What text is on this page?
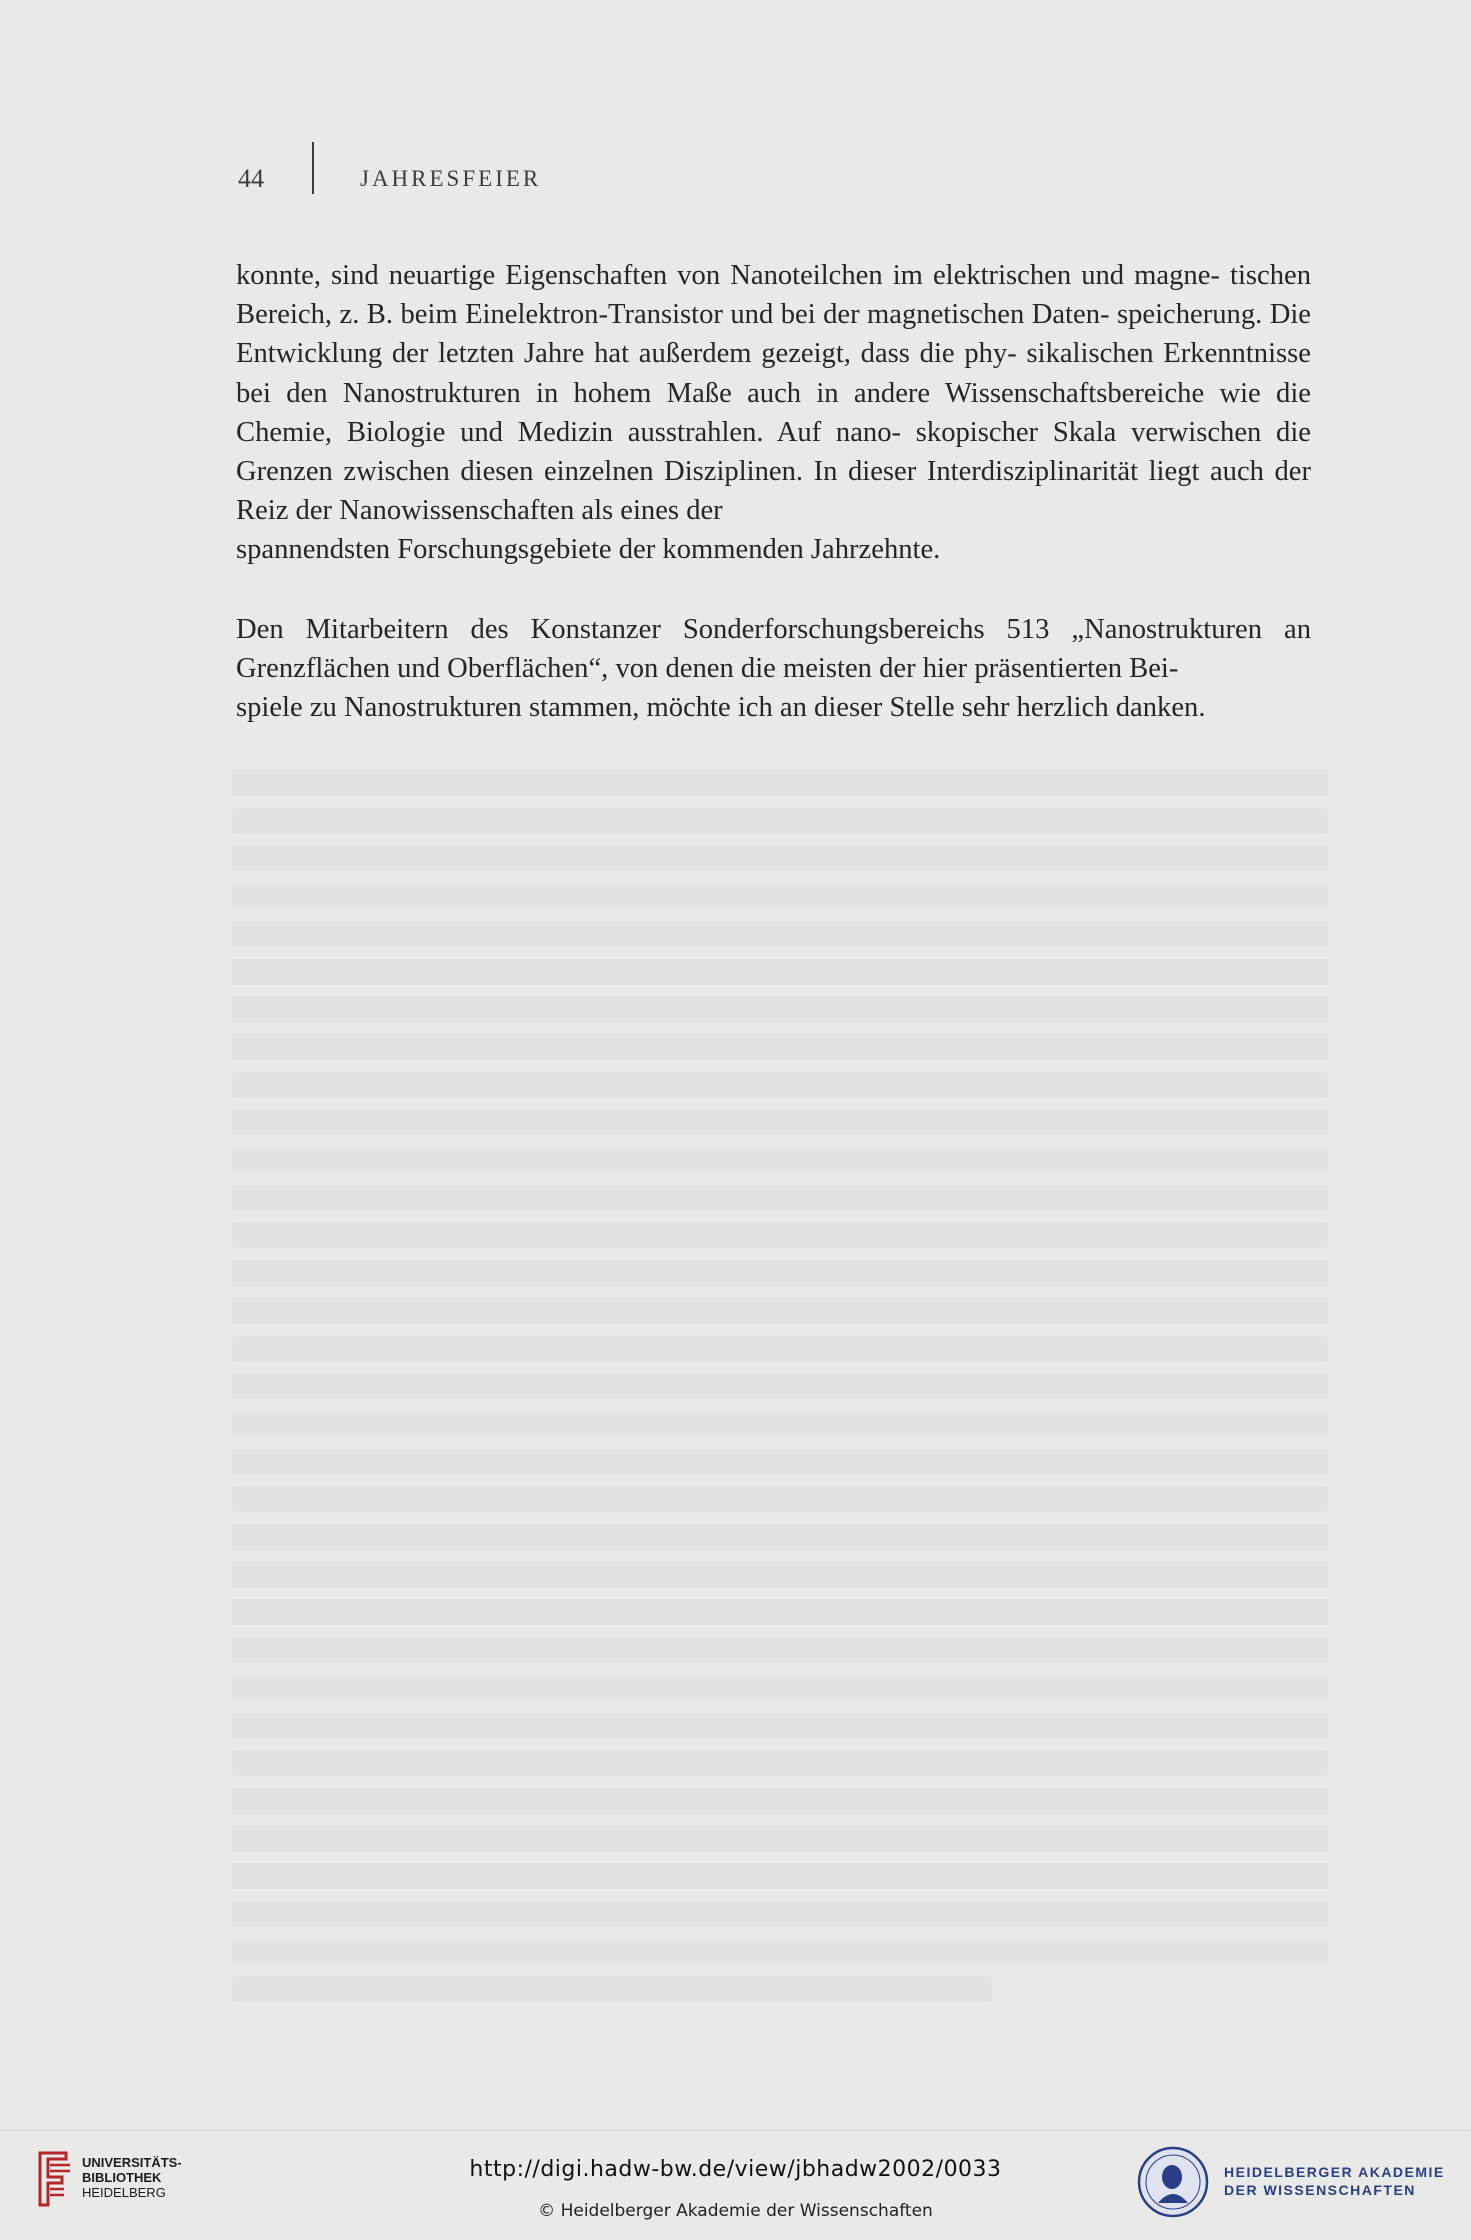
44	JAHRESFEIER

konnte, sind neuartige Eigenschaften von Nanoteilchen im elektrischen und magne- tischen Bereich, z. B. beim Einelektron-Transistor und bei der magnetischen Daten- speicherung. Die Entwicklung der letzten Jahre hat außerdem gezeigt, dass die phy- sikalischen Erkenntnisse bei den Nanostrukturen in hohem Maße auch in andere Wissenschaftsbereiche wie die Chemie, Biologie und Medizin ausstrahlen. Auf nano- skopischer Skala verwischen die Grenzen zwischen diesen einzelnen Disziplinen. In dieser Interdisziplinarität liegt auch der Reiz der Nanowissenschaften als eines der
spannendsten Forschungsgebiete der kommenden Jahrzehnte.

Den Mitarbeitern des Konstanzer Sonderforschungsbereichs 513 „Nanostrukturen an Grenzflächen und Oberflächen“, von denen die meisten der hier präsentierten Bei-
spiele zu Nanostrukturen stammen, möchte ich an dieser Stelle sehr herzlich danken.

UNIVERSITÄTS-
BIBLIOTHEK
HEIDELBERG
http://digi.hadw-bw.de/view/jbhadw2002/0033
© Heidelberger Akademie der Wissenschaften
HEIDELBERGER AKADEMIE
DER WISSENSCHAFTEN
